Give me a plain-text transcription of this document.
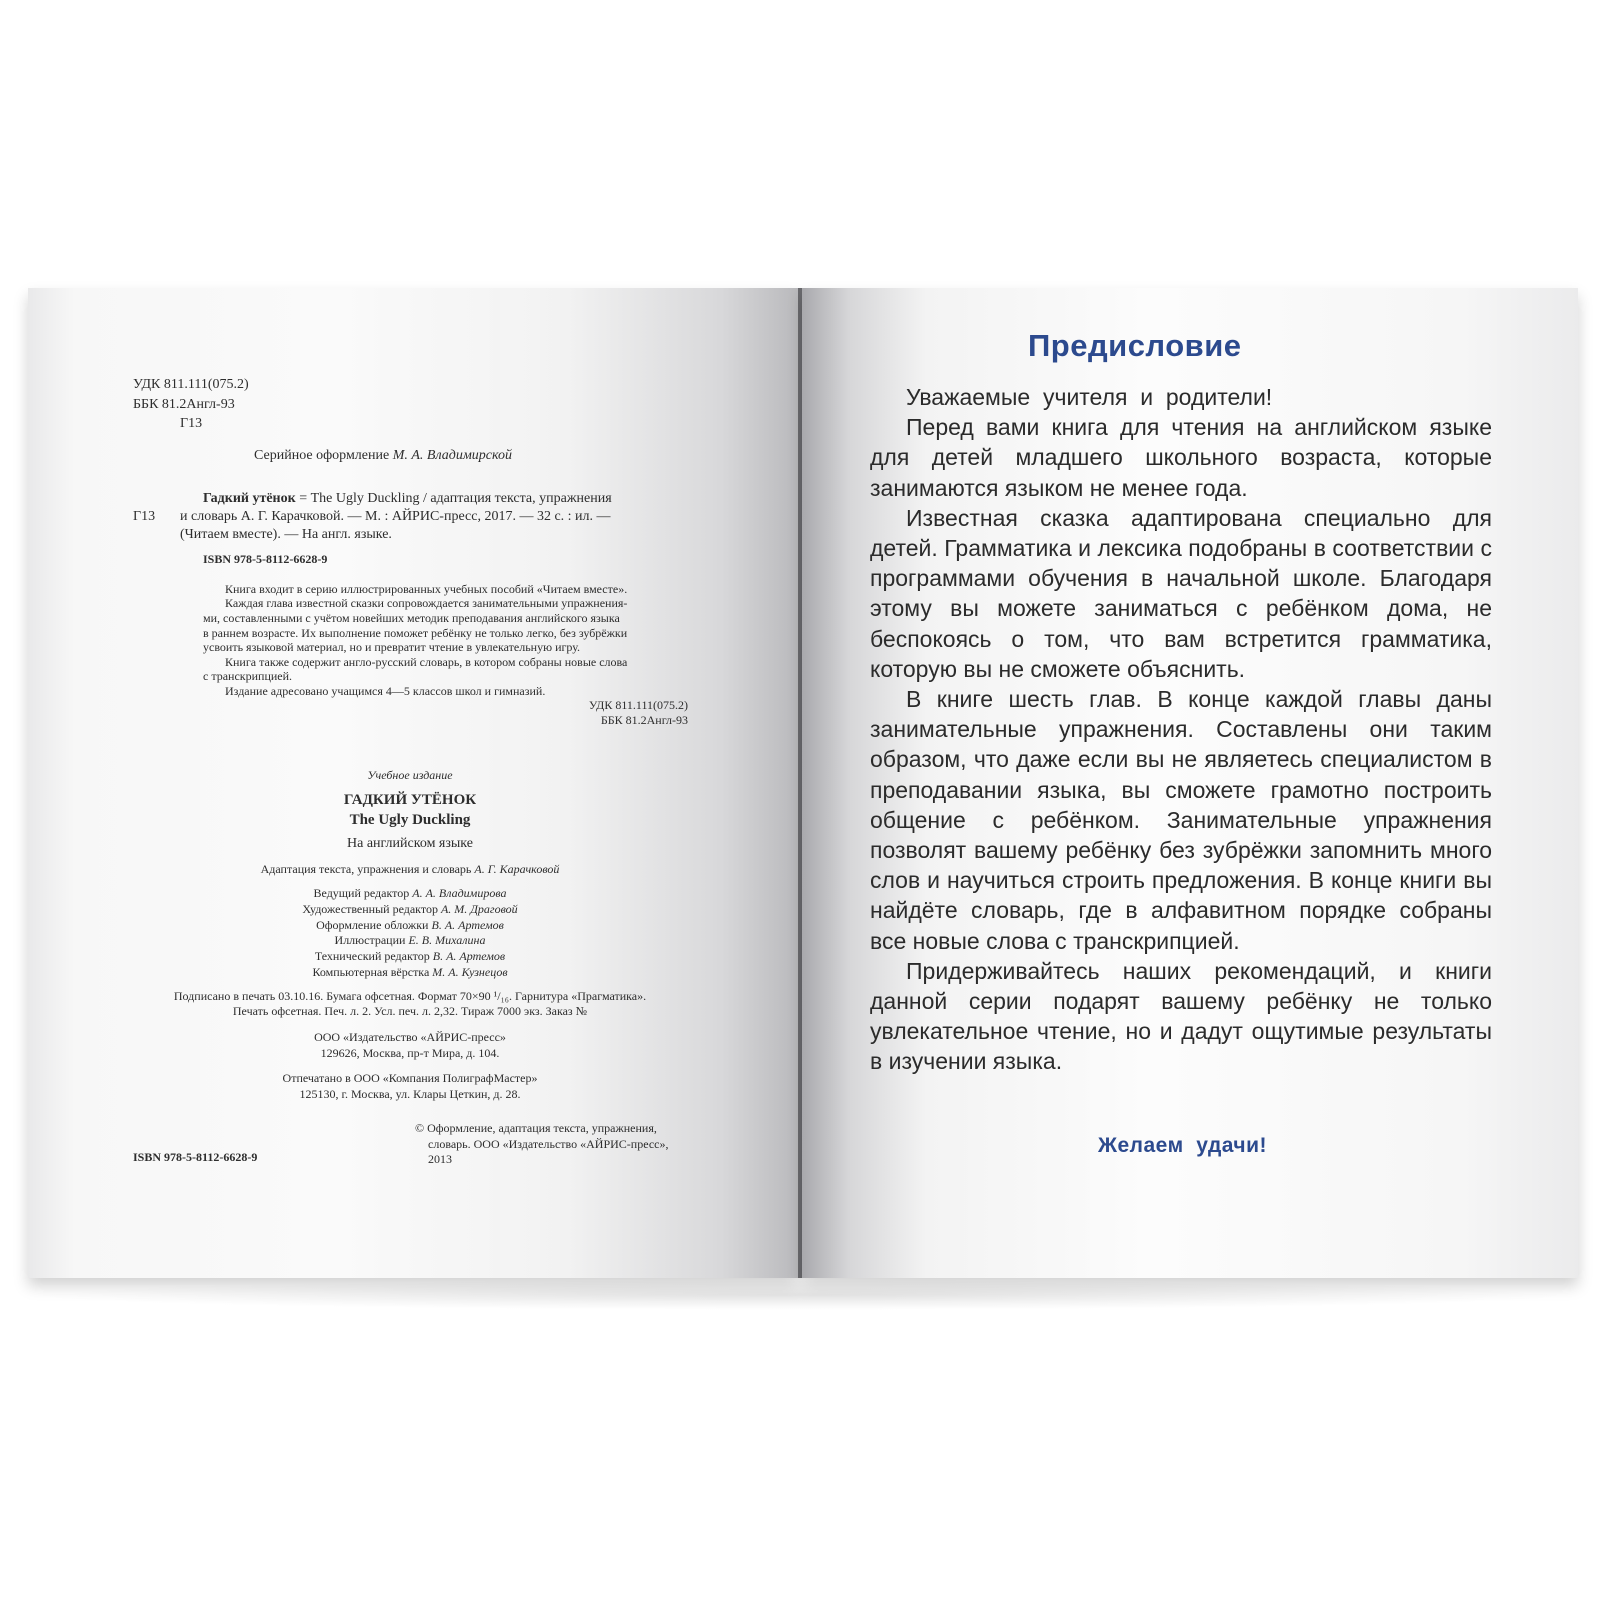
УДК 811.111(075.2)
ББК 81.2Англ-93
Г13
Серийное оформление М. А. Владимирской
Г13
Гадкий утёнок = The Ugly Duckling / адаптация текста, упражнения
и словарь А. Г. Карачковой. — М. : АЙРИС-пресс, 2017. — 32 с. : ил. —
(Читаем вместе). — На англ. языке.
ISBN 978-5-8112-6628-9
Книга входит в серию иллюстрированных учебных пособий «Читаем вместе».
Каждая глава известной сказки сопровождается занимательными упражнения-
ми, составленными с учётом новейших методик преподавания английского языка
в раннем возрасте. Их выполнение поможет ребёнку не только легко, без зубрёжки
усвоить языковой материал, но и превратит чтение в увлекательную игру.
Книга также содержит англо-русский словарь, в котором собраны новые слова
с транскрипцией.
Издание адресовано учащимся 4—5 классов школ и гимназий.
УДК 811.111(075.2)
ББК 81.2Англ-93
Учебное издание
ГАДКИЙ УТЁНОК
The Ugly Duckling
На английском языке
Адаптация текста, упражнения и словарь А. Г. Карачковой
Ведущий редактор А. А. Владимирова
Художественный редактор А. М. Драговой
Оформление обложки В. А. Артемов
Иллюстрации Е. В. Михалина
Технический редактор В. А. Артемов
Компьютерная вёрстка М. А. Кузнецов
Подписано в печать 03.10.16. Бумага офсетная. Формат 70×90 ¹/₁₆. Гарнитура «Прагматика».
Печать офсетная. Печ. л. 2. Усл. печ. л. 2,32. Тираж 7000 экз. Заказ №
ООО «Издательство «АЙРИС-пресс»
129626, Москва, пр-т Мира, д. 104.
Отпечатано в ООО «Компания ПолиграфМастер»
125130, г. Москва, ул. Клары Цеткин, д. 28.
© Оформление, адаптация текста, упражнения,
словарь. ООО «Издательство «АЙРИС-пресс»,
2013
ISBN 978-5-8112-6628-9
Предисловие
Уважаемые  учителя  и  родители!
Перед вами книга для чтения на английском языке для детей младшего школьного возраста, которые занимаются языком не менее года.
Известная сказка адаптирована специально для детей. Грамматика и лексика подобраны в соответствии с программами обучения в начальной школе. Благодаря этому вы можете заниматься с ребёнком дома, не беспокоясь о том, что вам встретится грамматика, которую вы не сможете объяснить.
В книге шесть глав. В конце каждой главы даны занимательные упражнения. Составлены они таким образом, что даже если вы не являетесь специалистом в преподавании языка, вы сможете грамотно построить общение с ребёнком. Занимательные упражнения позволят вашему ребёнку без зубрёжки запомнить много слов и научиться строить предложения. В конце книги вы найдёте словарь, где в алфавитном порядке собраны все новые слова с транскрипцией.
Придерживайтесь наших рекомендаций, и книги данной серии подарят вашему ребёнку не только увлекательное чтение, но и дадут ощутимые результаты в изучении языка.
Желаем  удачи!
